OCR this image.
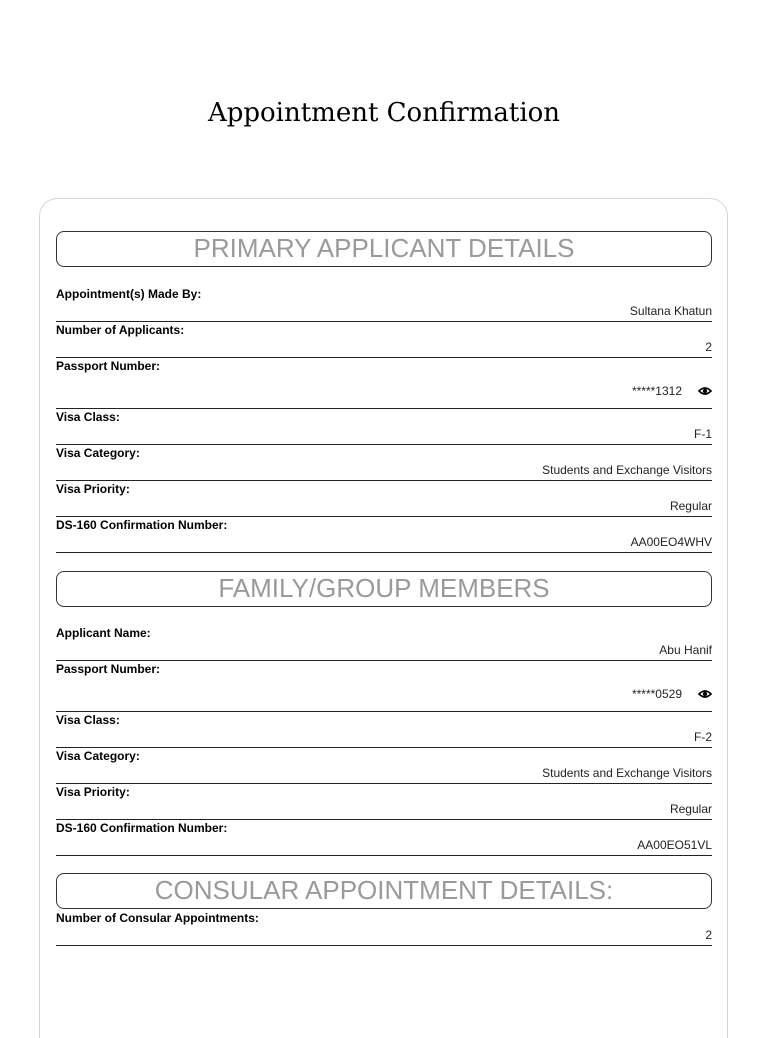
Appointment Confirmation
PRIMARY APPLICANT DETAILS
Appointment(s) Made By:
Sultana Khatun
Number of Applicants:
2
Passport Number:
*****1312
Visa Class:
F-1
Visa Category:
Students and Exchange Visitors
Visa Priority:
Regular
DS-160 Confirmation Number:
AA00EO4WHV
FAMILY/GROUP MEMBERS
Applicant Name:
Abu Hanif
Passport Number:
*****0529
Visa Class:
F-2
Visa Category:
Students and Exchange Visitors
Visa Priority:
Regular
DS-160 Confirmation Number:
AA00EO51VL
CONSULAR APPOINTMENT DETAILS:
Number of Consular Appointments:
2
